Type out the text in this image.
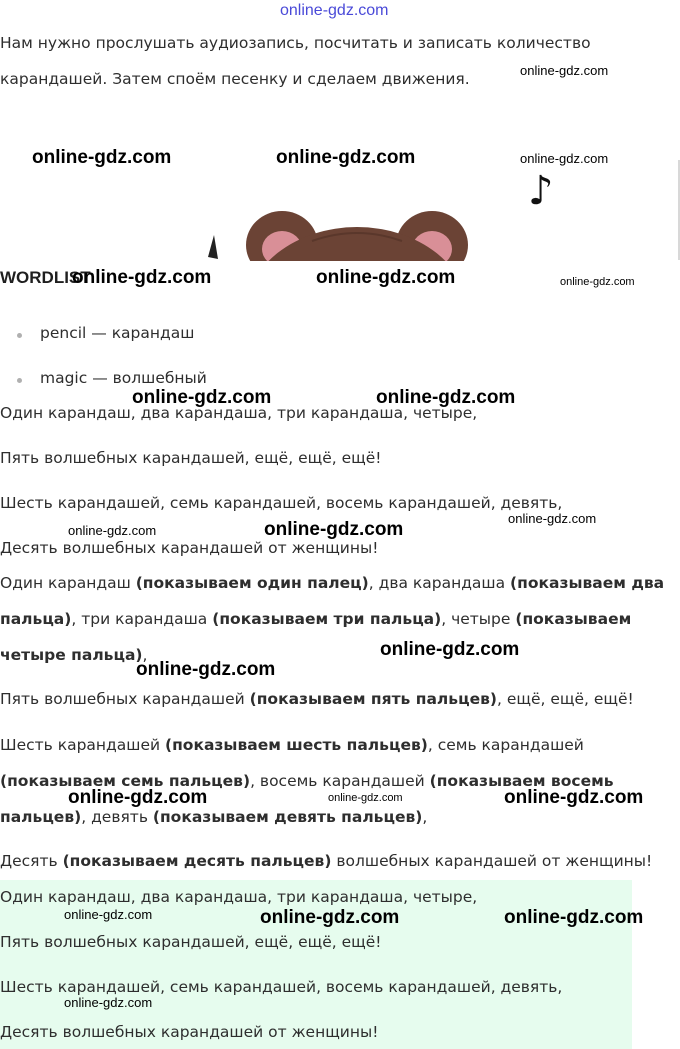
online-gdz.com
Нам нужно прослушать аудиозапись, посчитать и записать количество
карандашей. Затем споём песенку и сделаем движения.
♪
WORDLIST
pencil — карандаш
magic — волшебный
Один карандаш, два карандаша, три карандаша, четыре,
Пять волшебных карандашей, ещё, ещё, ещё!
Шесть карандашей, семь карандашей, восемь карандашей, девять,
Десять волшебных карандашей от женщины!
Один карандаш (показываем один палец), два карандаша (показываем два
пальца), три карандаша (показываем три пальца), четыре (показываем
четыре пальца),
Пять волшебных карандашей (показываем пять пальцев), ещё, ещё, ещё!
Шесть карандашей (показываем шесть пальцев), семь карандашей
(показываем семь пальцев), восемь карандашей (показываем восемь
пальцев), девять (показываем девять пальцев),
Десять (показываем десять пальцев) волшебных карандашей от женщины!
Один карандаш, два карандаша, три карандаша, четыре,
Пять волшебных карандашей, ещё, ещё, ещё!
Шесть карандашей, семь карандашей, восемь карандашей, девять,
Десять волшебных карандашей от женщины!
online-gdz.com
online-gdz.com	online-gdz.com	online-gdz.com
online-gdz.com	online-gdz.com	online-gdz.com
online-gdz.com	online-gdz.com
online-gdz.com	online-gdz.com
online-gdz.com
online-gdz.com
online-gdz.com
online-gdz.com	online-gdz.com	online-gdz.com
online-gdz.com	online-gdz.com	online-gdz.com
online-gdz.com
